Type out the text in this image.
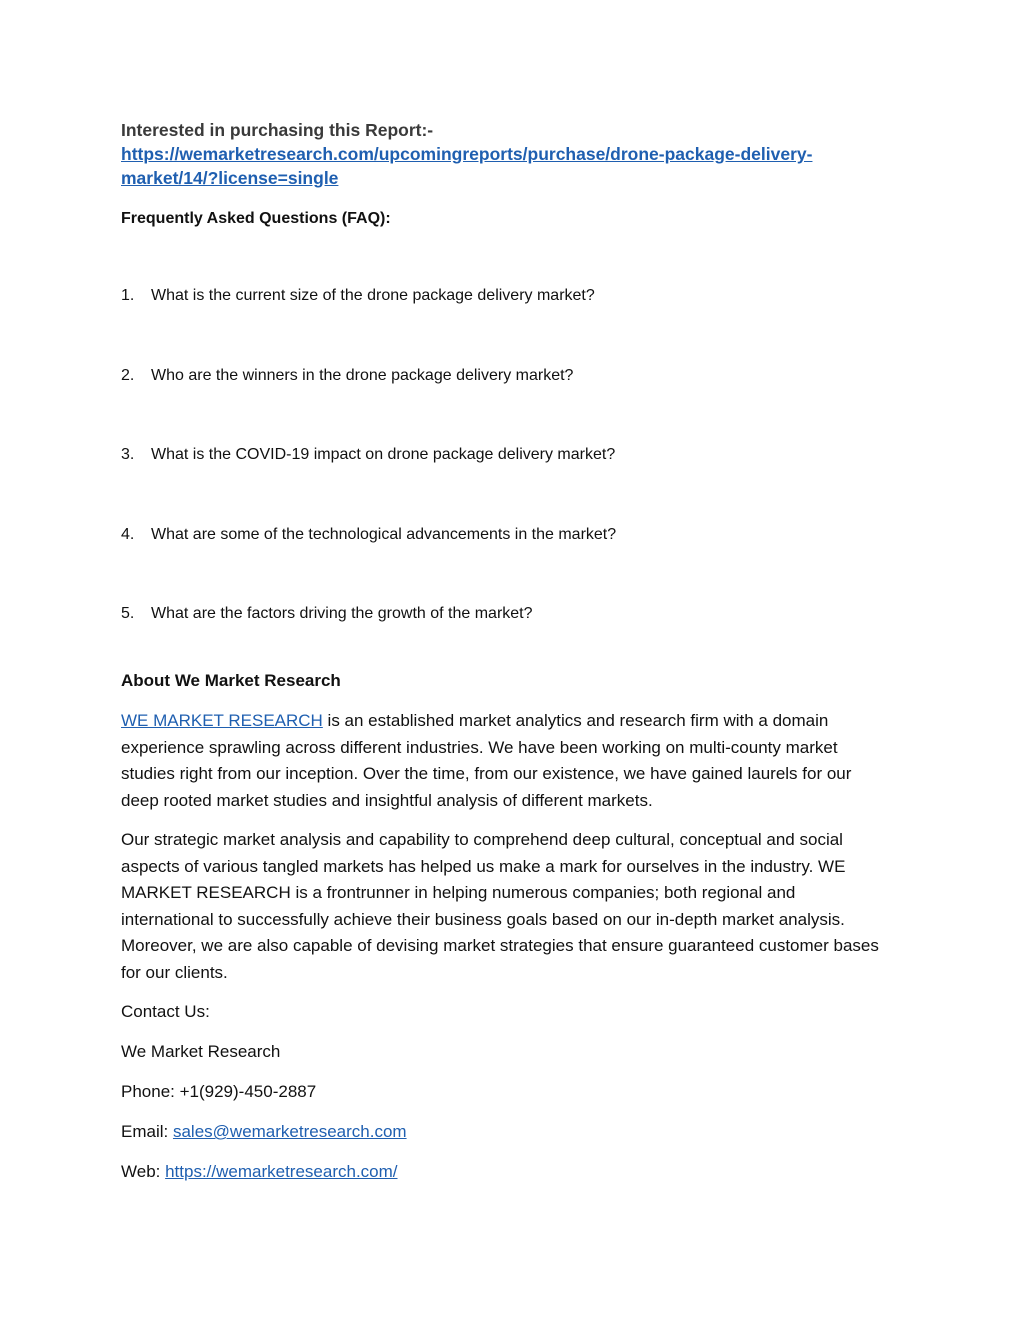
Interested in purchasing this Report:-

https://wemarketresearch.com/upcomingreports/purchase/drone-package-delivery-market/14/?license=single
Frequently Asked Questions (FAQ):
1. What is the current size of the drone package delivery market?
2. Who are the winners in the drone package delivery market?
3. What is the COVID-19 impact on drone package delivery market?
4. What are some of the technological advancements in the market?
5. What are the factors driving the growth of the market?
About We Market Research

WE MARKET RESEARCH is an established market analytics and research firm with a domain experience sprawling across different industries. We have been working on multi-county market studies right from our inception. Over the time, from our existence, we have gained laurels for our deep rooted market studies and insightful analysis of different markets.

Our strategic market analysis and capability to comprehend deep cultural, conceptual and social aspects of various tangled markets has helped us make a mark for ourselves in the industry. WE MARKET RESEARCH is a frontrunner in helping numerous companies; both regional and international to successfully achieve their business goals based on our in-depth market analysis. Moreover, we are also capable of devising market strategies that ensure guaranteed customer bases for our clients.

Contact Us:

We Market Research

Phone: +1(929)-450-2887

Email: sales@wemarketresearch.com

Web: https://wemarketresearch.com/
